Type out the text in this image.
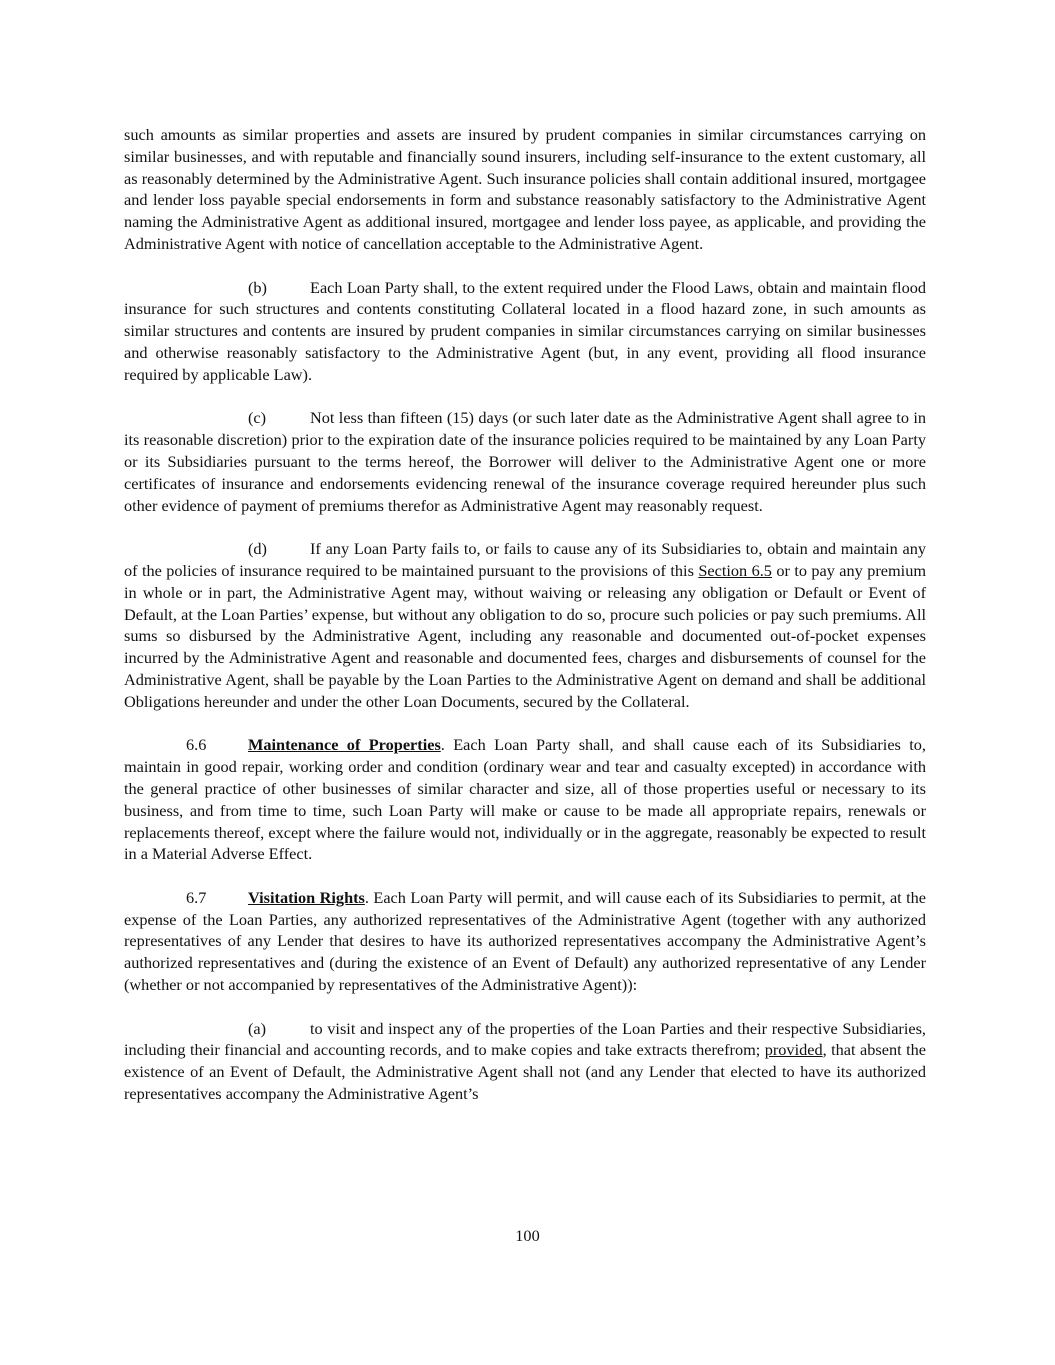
such amounts as similar properties and assets are insured by prudent companies in similar circumstances carrying on similar businesses, and with reputable and financially sound insurers, including self-insurance to the extent customary, all as reasonably determined by the Administrative Agent. Such insurance policies shall contain additional insured, mortgagee and lender loss payable special endorsements in form and substance reasonably satisfactory to the Administrative Agent naming the Administrative Agent as additional insured, mortgagee and lender loss payee, as applicable, and providing the Administrative Agent with notice of cancellation acceptable to the Administrative Agent.

(b)	Each Loan Party shall, to the extent required under the Flood Laws, obtain and maintain flood insurance for such structures and contents constituting Collateral located in a flood hazard zone, in such amounts as similar structures and contents are insured by prudent companies in similar circumstances carrying on similar businesses and otherwise reasonably satisfactory to the Administrative Agent (but, in any event, providing all flood insurance required by applicable Law).

(c)	Not less than fifteen (15) days (or such later date as the Administrative Agent shall agree to in its reasonable discretion) prior to the expiration date of the insurance policies required to be maintained by any Loan Party or its Subsidiaries pursuant to the terms hereof, the Borrower will deliver to the Administrative Agent one or more certificates of insurance and endorsements evidencing renewal of the insurance coverage required hereunder plus such other evidence of payment of premiums therefor as Administrative Agent may reasonably request.

(d)	If any Loan Party fails to, or fails to cause any of its Subsidiaries to, obtain and maintain any of the policies of insurance required to be maintained pursuant to the provisions of this Section 6.5 or to pay any premium in whole or in part, the Administrative Agent may, without waiving or releasing any obligation or Default or Event of Default, at the Loan Parties’ expense, but without any obligation to do so, procure such policies or pay such premiums. All sums so disbursed by the Administrative Agent, including any reasonable and documented out-of-pocket expenses incurred by the Administrative Agent and reasonable and documented fees, charges and disbursements of counsel for the Administrative Agent, shall be payable by the Loan Parties to the Administrative Agent on demand and shall be additional Obligations hereunder and under the other Loan Documents, secured by the Collateral.

6.6	Maintenance of Properties. Each Loan Party shall, and shall cause each of its Subsidiaries to, maintain in good repair, working order and condition (ordinary wear and tear and casualty excepted) in accordance with the general practice of other businesses of similar character and size, all of those properties useful or necessary to its business, and from time to time, such Loan Party will make or cause to be made all appropriate repairs, renewals or replacements thereof, except where the failure would not, individually or in the aggregate, reasonably be expected to result in a Material Adverse Effect.

6.7	Visitation Rights. Each Loan Party will permit, and will cause each of its Subsidiaries to permit, at the expense of the Loan Parties, any authorized representatives of the Administrative Agent (together with any authorized representatives of any Lender that desires to have its authorized representatives accompany the Administrative Agent’s authorized representatives and (during the existence of an Event of Default) any authorized representative of any Lender (whether or not accompanied by representatives of the Administrative Agent)):

(a)	to visit and inspect any of the properties of the Loan Parties and their respective Subsidiaries, including their financial and accounting records, and to make copies and take extracts therefrom; provided, that absent the existence of an Event of Default, the Administrative Agent shall not (and any Lender that elected to have its authorized representatives accompany the Administrative Agent’s

100
